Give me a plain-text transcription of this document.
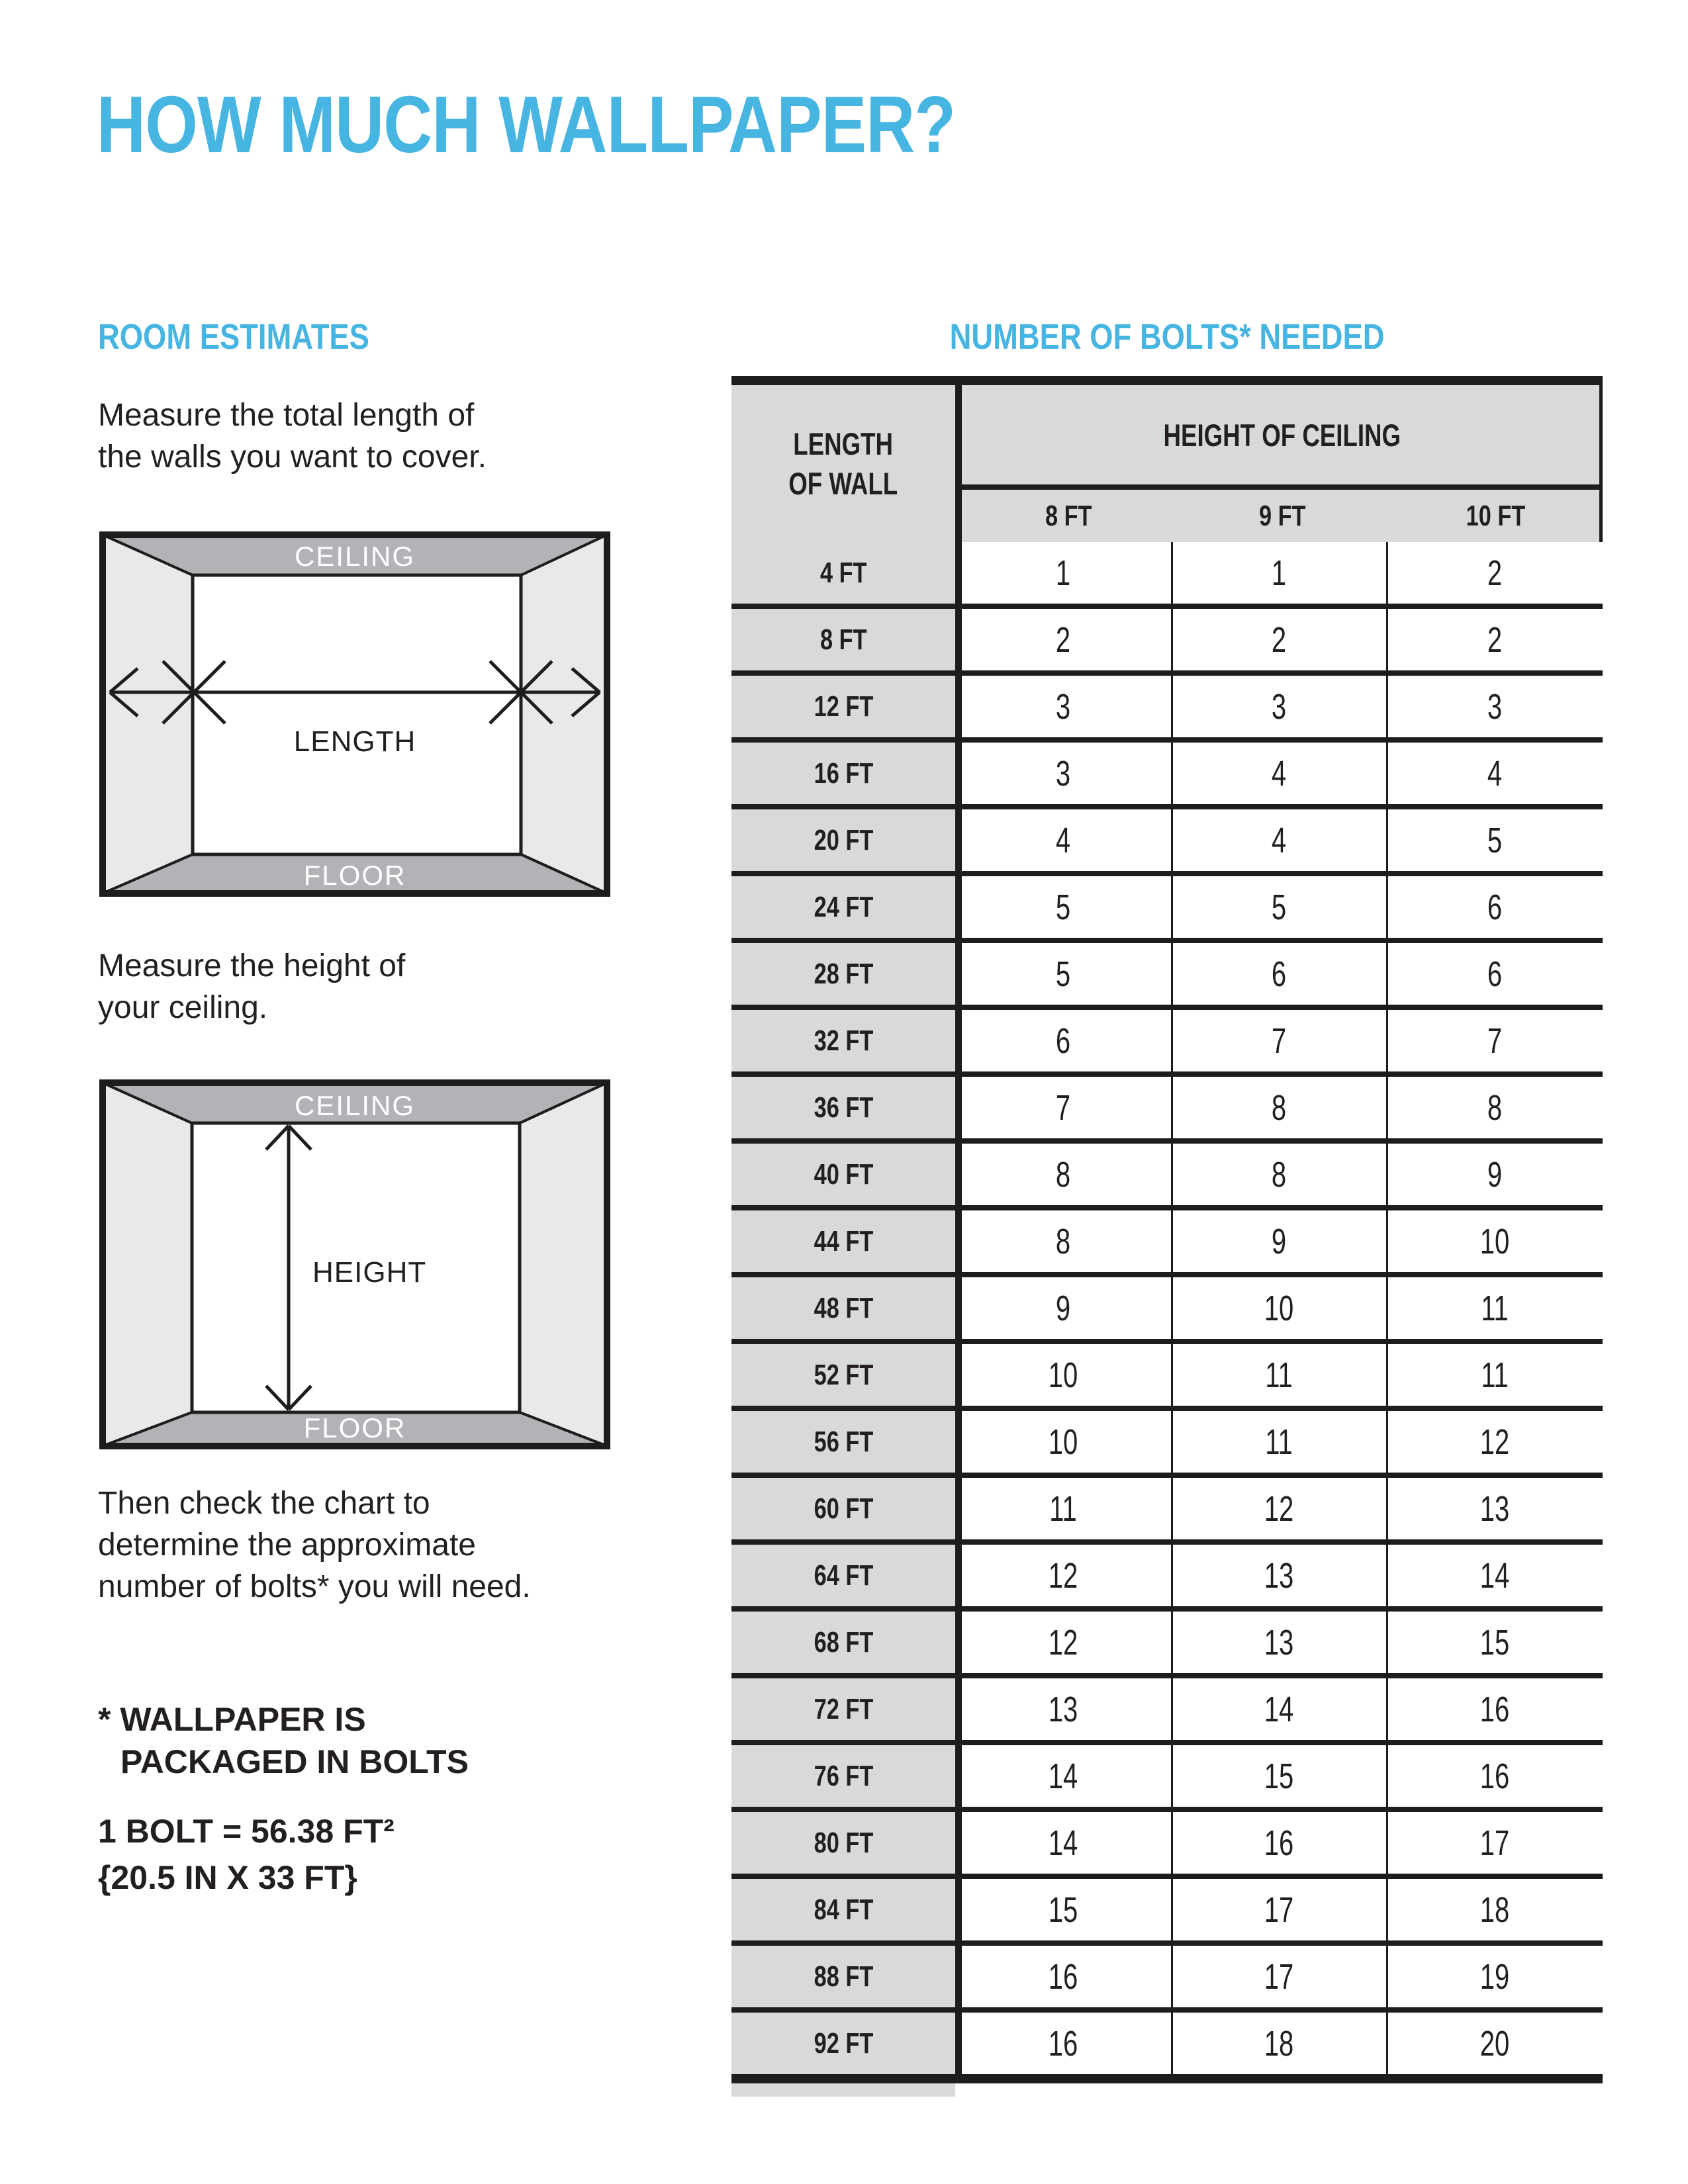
HOW MUCH WALLPAPER?
ROOM ESTIMATES
Measure the total length of
the walls you want to cover.
CEILING
LENGTH
FLOOR
Measure the height of
your ceiling.
CEILING
HEIGHT
FLOOR
Then check the chart to
determine the approximate
number of bolts* you will need.
* WALLPAPER IS
PACKAGED IN BOLTS
1 BOLT = 56.38 FT²
{20.5 IN X 33 FT}
NUMBER OF BOLTS* NEEDED
LENGTH
OF WALL
HEIGHT OF CEILING
8 FT	9 FT	10 FT
4 FT	1	1	2
8 FT	2	2	2
12 FT	3	3	3
16 FT	3	4	4
20 FT	4	4	5
24 FT	5	5	6
28 FT	5	6	6
32 FT	6	7	7
36 FT	7	8	8
40 FT	8	8	9
44 FT	8	9	10
48 FT	9	10	11
52 FT	10	11	11
56 FT	10	11	12
60 FT	11	12	13
64 FT	12	13	14
68 FT	12	13	15
72 FT	13	14	16
76 FT	14	15	16
80 FT	14	16	17
84 FT	15	17	18
88 FT	16	17	19
92 FT	16	18	20
